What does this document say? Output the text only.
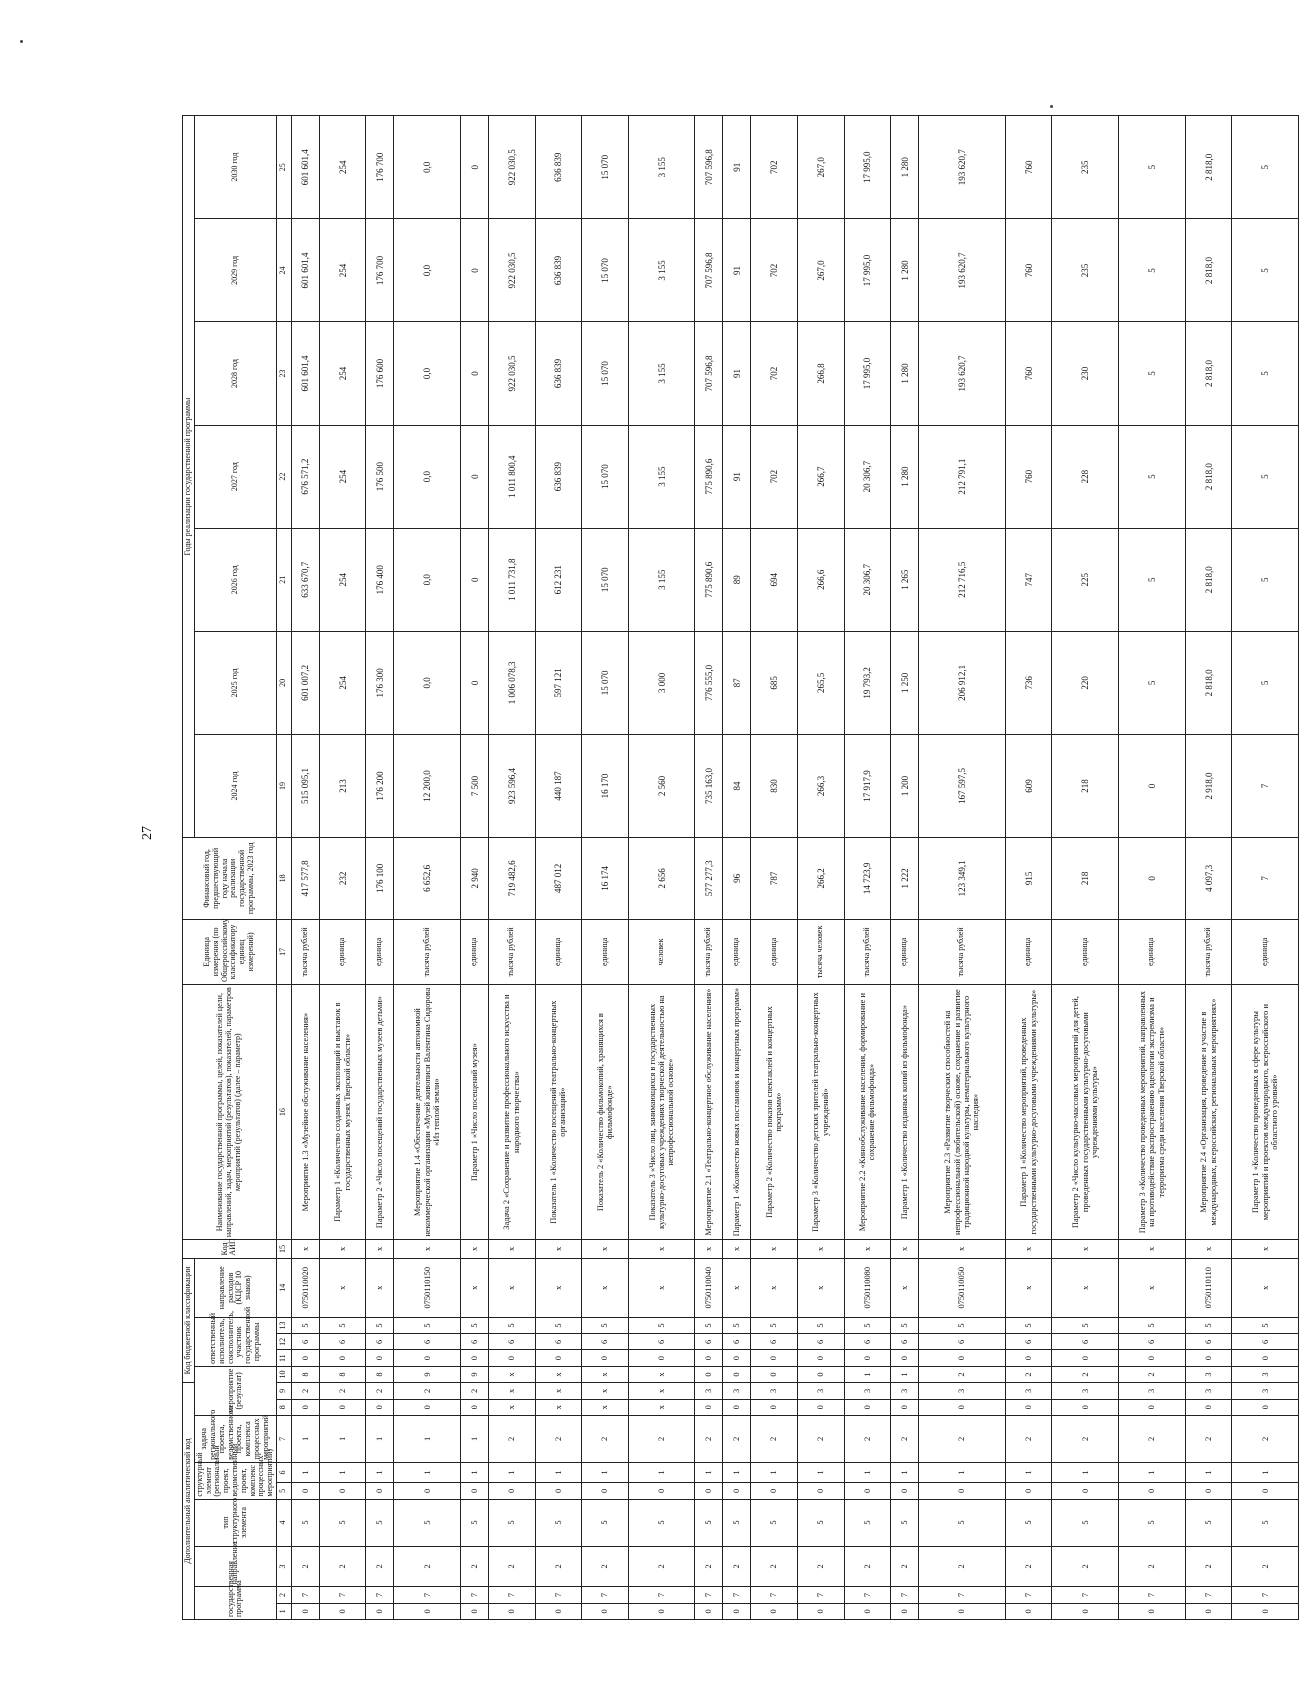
27
Дополнительный аналитический код									Код бюджетной классификации					Код АИП	Наименование государственной программы, целей, показателей цели, направлений, задач, мероприятий (результатов), показателей, параметров мероприятий (результатов) (далее – параметр)	Единица измерения (по Общероссийскому классификатору единиц измерений)	Финансовый год, предшествующий году начала реализации государственной программы, 2023 год	Годы реализации государственной программы						
государственная программа		направление	тип структурного элемента	структурный элемент (региональный проект, ведомственный проект, комплекс процессных мероприятий)		задача регионального проекта, ведомственного проекта, комплекса процессных мероприятий	мероприятие (результат)			ответственный исполнитель, соисполнитель, участник государственной программы			направление расходов (КЦСР 10 знаков)					2024 год	2025 год	2026 год	2027 год	2028 год	2029 год	2030 год

1	2	3	4	5	6	7	8	9	10	11	12	13	14	15	16	17	18	19	20	21	22	23	24	25
0	7	2	5	0	1	1	0	2	8	0	6	5	0750110020	x	Мероприятие 1.3 «Музейное обслуживание населения»	тысяча рублей	417 577,8	515 095,1	601 007,2	633 670,7	676 571,2	601 601,4	601 601,4	601 601,4
0	7	2	5	0	1	1	0	2	8	0	6	5	x	x	Параметр 1 «Количество созданных экспозиций и выставок в государственных музеях Тверской области»	единица	232	213	254	254	254	254	254	254
0	7	2	5	0	1	1	0	2	8	0	6	5	x	x	Параметр 2 «Число посещений государственных музеев детьми»	единица	176 100	176 200	176 300	176 400	176 500	176 600	176 700	176 700
0	7	2	5	0	1	1	0	2	9	0	6	5	0750110150	x	Мероприятие 1.4 «Обеспечение деятельности автономной некоммерческой организации «Музей живописи Валентина Сидорова «Из теплой земли»	тысяча рублей	6 652,6	12 200,0	0,0	0,0	0,0	0,0	0,0	0,0
0	7	2	5	0	1	1	0	2	9	0	6	5	x	x	Параметр 1 «Число посещений музея»	единица	2 940	7 500	0	0	0	0	0	0
0	7	2	5	0	1	2	x	x	x	0	6	5	x	x	Задача 2 «Сохранение и развитие профессионального искусства и народного творчества»	тысяча рублей	719 482,6	923 596,4	1 006 078,3	1 011 731,8	1 011 800,4	922 030,5	922 030,5	922 030,5
0	7	2	5	0	1	2	x	x	x	0	6	5	x	x	Показатель 1 «Количество посещений театрально-концертных организаций»	единица	487 012	440 187	597 121	612 231	636 839	636 839	636 839	636 839
0	7	2	5	0	1	2	x	x	x	0	6	5	x	x	Показатель 2 «Количество фильмокопий, хранящихся в фильмофонде»	единица	16 174	16 170	15 070	15 070	15 070	15 070	15 070	15 070
0	7	2	5	0	1	2	x	x	x	0	6	5	x	x	Показатель 3 «Число лиц, занимающихся в государственных культурно-досуговых учреждениях творческой деятельностью на непрофессиональной основе»	человек	2 656	2 560	3 000	3 155	3 155	3 155	3 155	3 155
0	7	2	5	0	1	2	0	3	0	0	6	5	0750110040	x	Мероприятие 2.1 «Театрально-концертное обслуживание населения»	тысяча рублей	577 277,3	735 163,0	776 555,0	775 890,6	775 890,6	707 596,8	707 596,8	707 596,8
0	7	2	5	0	1	2	0	3	0	0	6	5	x	x	Параметр 1 «Количество новых постановок и концертных программ»	единица	96	84	87	89	91	91	91	91
0	7	2	5	0	1	2	0	3	0	0	6	5	x	x	Параметр 2 «Количество показов спектаклей и концертных программ»	единица	787	830	685	694	702	702	702	702
0	7	2	5	0	1	2	0	3	0	0	6	5	x	x	Параметр 3 «Количество детских зрителей театрально-концертных учреждений»	тысяча человек	266,2	266,3	265,5	266,6	266,7	266,8	267,0	267,0
0	7	2	5	0	1	2	0	3	1	0	6	5	0750110080	x	Мероприятие 2.2 «Кинообслуживание населения, формирование и сохранение фильмофонда»	тысяча рублей	14 723,9	17 917,9	19 793,2	20 306,7	20 306,7	17 995,0	17 995,0	17 995,0
0	7	2	5	0	1	2	0	3	1	0	6	5	x	x	Параметр 1 «Количество изданных копий из фильмофонда»	единица	1 222	1 200	1 250	1 265	1 280	1 280	1 280	1 280
0	7	2	5	0	1	2	0	3	2	0	6	5	0750110050	x	Мероприятие 2.3 «Развитие творческих способностей на непрофессиональной (любительской) основе, сохранение и развитие традиционной народной культуры, нематериального культурного наследия»	тысяча рублей	123 349,1	167 597,5	206 912,1	212 716,5	212 791,1	193 620,7	193 620,7	193 620,7
0	7	2	5	0	1	2	0	3	2	0	6	5	x	x	Параметр 1 «Количество мероприятий, проведенных государственными культурно-досуговыми учреждениями культуры»	единица	915	609	736	747	760	760	760	760
0	7	2	5	0	1	2	0	3	2	0	6	5	x	x	Параметр 2 «Число культурно-массовых мероприятий для детей, проведенных государственными культурно-досуговыми учреждениями культуры»	единица	218	218	220	225	228	230	235	235
0	7	2	5	0	1	2	0	3	2	0	6	5	x	x	Параметр 3 «Количество проведенных мероприятий, направленных на противодействие распространению идеологии экстремизма и терроризма среди населения Тверской области»	единица	0	0	5	5	5	5	5	5
0	7	2	5	0	1	2	0	3	3	0	6	5	0750110110	x	Мероприятие 2.4 «Организация, проведение и участие в международных, всероссийских, региональных мероприятиях»	тысяча рублей	4 097,3	2 918,0	2 818,0	2 818,0	2 818,0	2 818,0	2 818,0	2 818,0
0	7	2	5	0	1	2	0	3	3	0	6	5	x	x	Параметр 1 «Количество проведенных в сфере культуры мероприятий и проектов международного, всероссийского и областного уровней»	единица	7	7	5	5	5	5	5	5
